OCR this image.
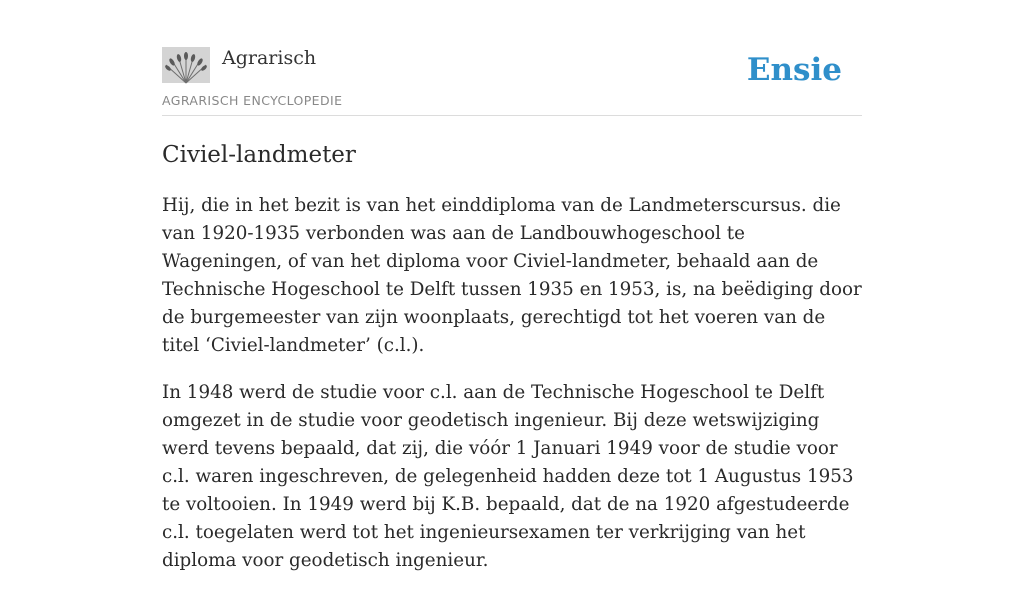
Agrarisch
AGRARISCH ENCYCLOPEDIE
Ensie
Civiel-landmeter

Hij, die in het bezit is van het einddiploma van de Landmeterscursus. die van 1920-1935 verbonden was aan de Landbouwhogeschool te Wageningen, of van het diploma voor Civiel-landmeter, behaald aan de Technische Hogeschool te Delft tussen 1935 en 1953, is, na beëdiging door de burgemeester van zijn woonplaats, gerechtigd tot het voeren van de titel ‘Civiel-landmeter’ (c.l.).

In 1948 werd de studie voor c.l. aan de Technische Hogeschool te Delft omgezet in de studie voor geodetisch ingenieur. Bij deze wetswijziging werd tevens bepaald, dat zij, die vóór 1 Januari 1949 voor de studie voor c.l. waren ingeschreven, de gelegenheid hadden deze tot 1 Augustus 1953 te voltooien. In 1949 werd bij K.B. bepaald, dat de na 1920 afgestudeerde c.l. toegelaten werd tot het ingenieursexamen ter verkrijging van het diploma voor geodetisch ingenieur.
